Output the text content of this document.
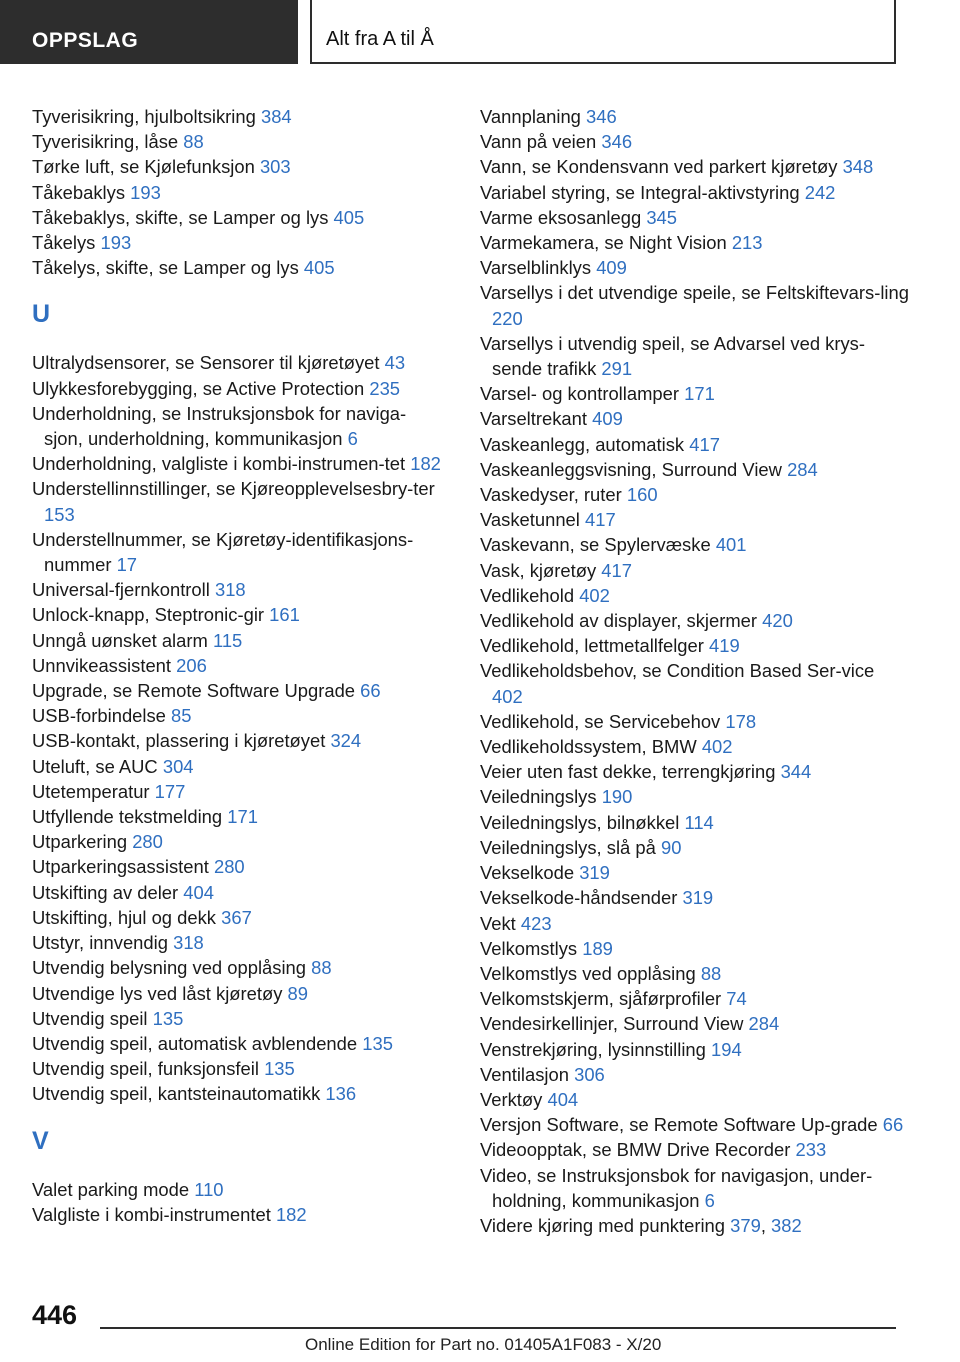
OPPSLAG	Alt fra A til Å
Tyverisikring, hjulboltsikring 384
Tyverisikring, låse 88
Tørke luft, se Kjølefunksjon 303
Tåkebaklys 193
Tåkebaklys, skifte, se Lamper og lys 405
Tåkelys 193
Tåkelys, skifte, se Lamper og lys 405
U
Ultralydsensorer, se Sensorer til kjøretøyet 43
Ulykkesforebygging, se Active Protection 235
Underholdning, se Instruksjonsbok for naviga-sjon, underholdning, kommunikasjon 6
Underholdning, valgliste i kombi-instrumen-tet 182
Understellinnstillinger, se Kjøreopplevelsesbry-ter 153
Understellnummer, se Kjøretøy-identifikasjons-nummer 17
Universal-fjernkontroll 318
Unlock-knapp, Steptronic-gir 161
Unngå uønsket alarm 115
Unnvikeassistent 206
Upgrade, se Remote Software Upgrade 66
USB-forbindelse 85
USB-kontakt, plassering i kjøretøyet 324
Uteluft, se AUC 304
Utetemperatur 177
Utfyllende tekstmelding 171
Utparkering 280
Utparkeringsassistent 280
Utskifting av deler 404
Utskifting, hjul og dekk 367
Utstyr, innvendig 318
Utvendig belysning ved opplåsing 88
Utvendige lys ved låst kjøretøy 89
Utvendig speil 135
Utvendig speil, automatisk avblendende 135
Utvendig speil, funksjonsfeil 135
Utvendig speil, kantsteinautomatikk 136
V
Valet parking mode 110
Valgliste i kombi-instrumentet 182
Vannplaning 346
Vann på veien 346
Vann, se Kondensvann ved parkert kjøretøy 348
Variabel styring, se Integral-aktivstyring 242
Varme eksosanlegg 345
Varmekamera, se Night Vision 213
Varselblinklys 409
Varsellys i det utvendige speile, se Feltskiftevars-ling 220
Varsellys i utvendig speil, se Advarsel ved krys-sende trafikk 291
Varsel- og kontrollamper 171
Varseltrekant 409
Vaskeanlegg, automatisk 417
Vaskeanleggsvisning, Surround View 284
Vaskedyser, ruter 160
Vasketunnel 417
Vaskevann, se Spylervæske 401
Vask, kjøretøy 417
Vedlikehold 402
Vedlikehold av displayer, skjermer 420
Vedlikehold, lettmetallfelger 419
Vedlikeholdsbehov, se Condition Based Ser-vice 402
Vedlikehold, se Servicebehov 178
Vedlikeholdssystem, BMW 402
Veier uten fast dekke, terrengkjøring 344
Veiledningslys 190
Veiledningslys, bilnøkkel 114
Veiledningslys, slå på 90
Vekselkode 319
Vekselkode-håndsender 319
Vekt 423
Velkomstlys 189
Velkomstlys ved opplåsing 88
Velkomstskjerm, sjåførprofiler 74
Vendesirkellinjer, Surround View 284
Venstrekjøring, lysinnstilling 194
Ventilasjon 306
Verktøy 404
Versjon Software, se Remote Software Up-grade 66
Videoopptak, se BMW Drive Recorder 233
Video, se Instruksjonsbok for navigasjon, under-holdning, kommunikasjon 6
Videre kjøring med punktering 379, 382
446
Online Edition for Part no. 01405A1F083 - X/20
